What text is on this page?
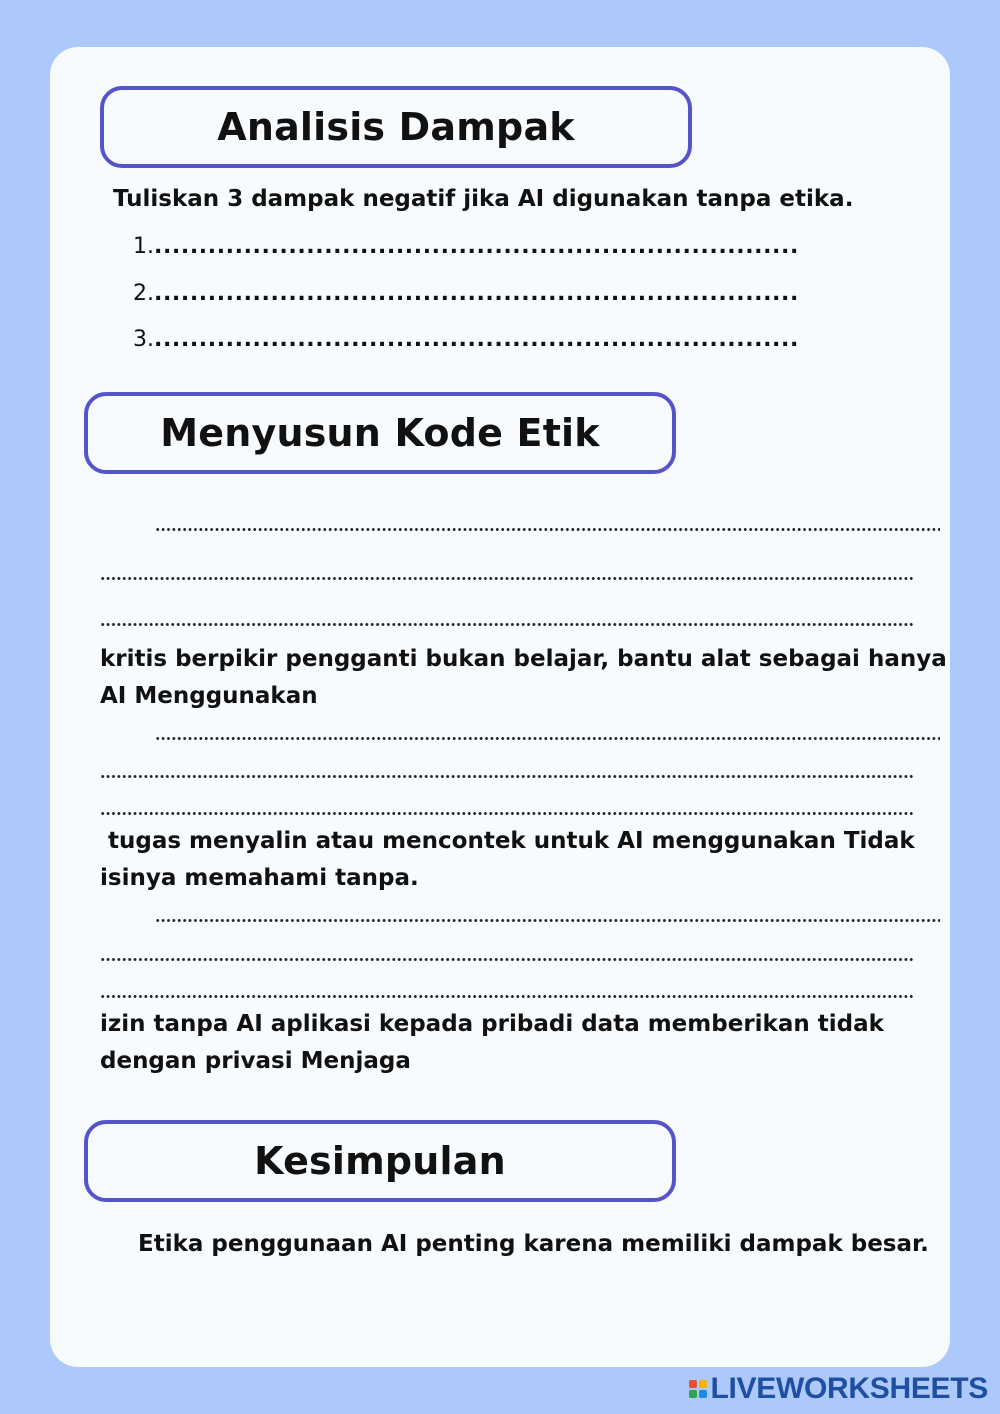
Analisis Dampak
Tuliskan 3 dampak negatif jika AI digunakan tanpa etika.
1.........................................................................
2.........................................................................
3.........................................................................
Menyusun Kode Etik
kritis berpikir pengganti bukan belajar, bantu alat sebagai hanya
AI Menggunakan
tugas menyalin atau mencontek untuk AI menggunakan Tidak
isinya memahami tanpa.
izin tanpa AI aplikasi kepada pribadi data memberikan tidak
dengan privasi Menjaga
Kesimpulan
Etika penggunaan AI penting karena memiliki dampak besar.
LIVEWORKSHEETS
